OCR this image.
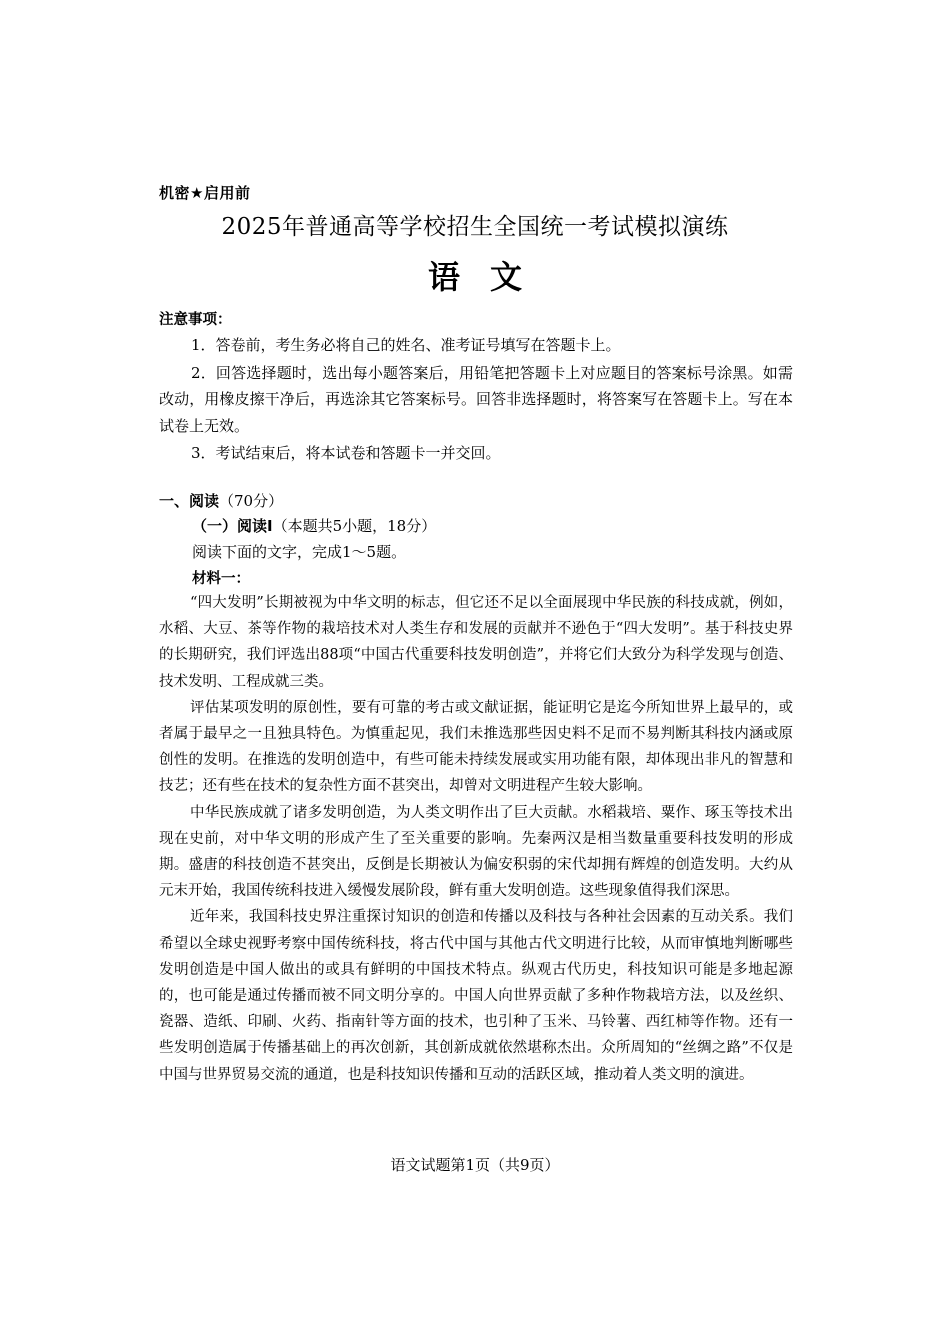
机密★启用前
2025年普通高等学校招生全国统一考试模拟演练
语文
注意事项：

1．答卷前，考生务必将自己的姓名、准考证号填写在答题卡上。

2．回答选择题时，选出每小题答案后，用铅笔把答题卡上对应题目的答案标号涂黑。如需改动，用橡皮擦干净后，再选涂其它答案标号。回答非选择题时，将答案写在答题卡上。写在本试卷上无效。

3．考试结束后，将本试卷和答题卡一并交回。

一、阅读（70分）
（一）阅读Ⅰ（本题共5小题，18分）
阅读下面的文字，完成1～5题。
材料一：

“四大发明”长期被视为中华文明的标志，但它还不足以全面展现中华民族的科技成就，例如，水稻、大豆、茶等作物的栽培技术对人类生存和发展的贡献并不逊色于“四大发明”。基于科技史界的长期研究，我们评选出88项“中国古代重要科技发明创造”，并将它们大致分为科学发现与创造、技术发明、工程成就三类。

评估某项发明的原创性，要有可靠的考古或文献证据，能证明它是迄今所知世界上最早的，或者属于最早之一且独具特色。为慎重起见，我们未推选那些因史料不足而不易判断其科技内涵或原创性的发明。在推选的发明创造中，有些可能未持续发展或实用功能有限，却体现出非凡的智慧和技艺；还有些在技术的复杂性方面不甚突出，却曾对文明进程产生较大影响。

中华民族成就了诸多发明创造，为人类文明作出了巨大贡献。水稻栽培、粟作、琢玉等技术出现在史前，对中华文明的形成产生了至关重要的影响。先秦两汉是相当数量重要科技发明的形成期。盛唐的科技创造不甚突出，反倒是长期被认为偏安积弱的宋代却拥有辉煌的创造发明。大约从元末开始，我国传统科技进入缓慢发展阶段，鲜有重大发明创造。这些现象值得我们深思。

近年来，我国科技史界注重探讨知识的创造和传播以及科技与各种社会因素的互动关系。我们希望以全球史视野考察中国传统科技，将古代中国与其他古代文明进行比较，从而审慎地判断哪些发明创造是中国人做出的或具有鲜明的中国技术特点。纵观古代历史，科技知识可能是多地起源的，也可能是通过传播而被不同文明分享的。中国人向世界贡献了多种作物栽培方法，以及丝织、瓷器、造纸、印刷、火药、指南针等方面的技术，也引种了玉米、马铃薯、西红柿等作物。还有一些发明创造属于传播基础上的再次创新，其创新成就依然堪称杰出。众所周知的“丝绸之路”不仅是中国与世界贸易交流的通道，也是科技知识传播和互动的活跃区域，推动着人类文明的演进。

语文试题第1页（共9页）
